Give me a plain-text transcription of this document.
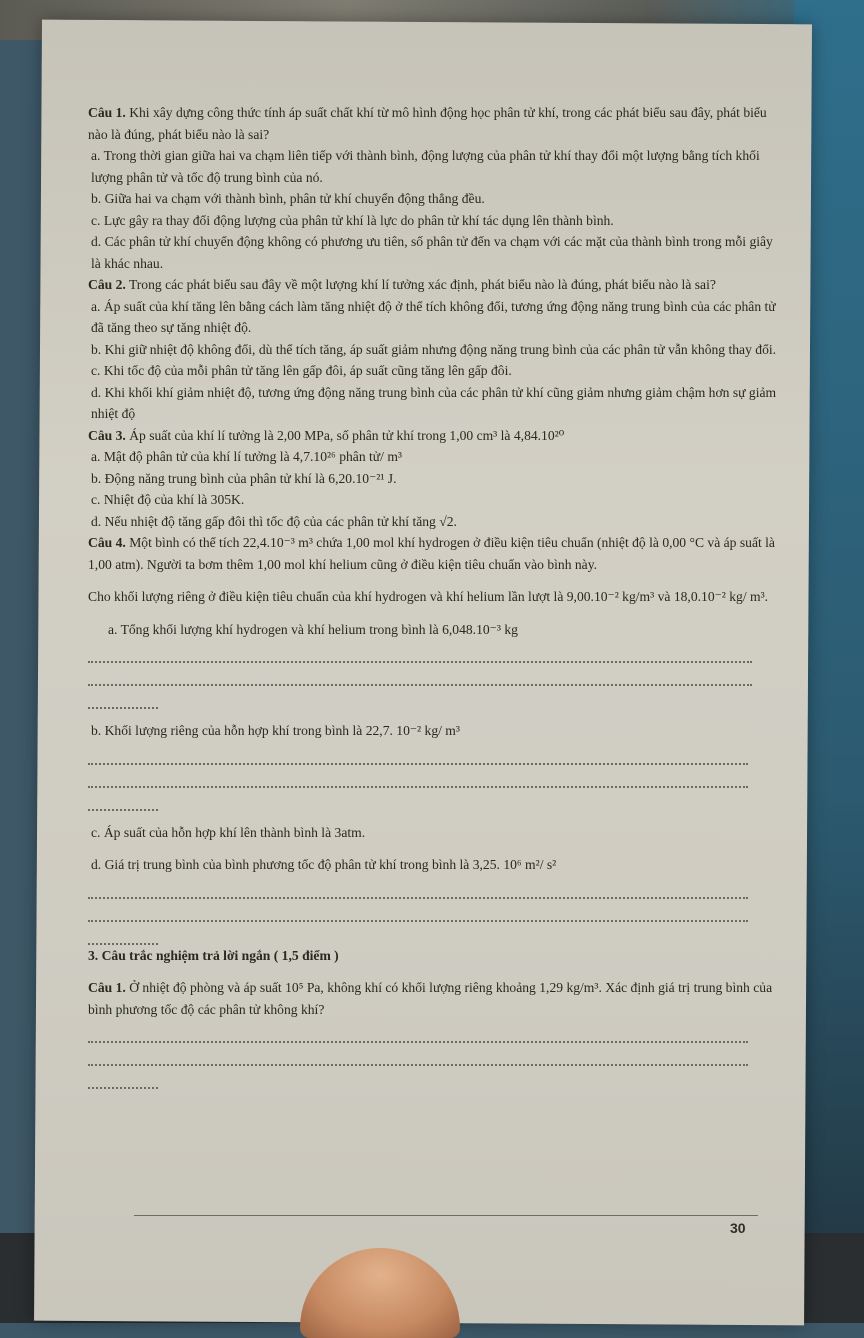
Câu 1. Khi xây dựng công thức tính áp suất chất khí từ mô hình động học phân tử khí, trong các phát biểu sau đây, phát biểu nào là đúng, phát biểu nào là sai?

a. Trong thời gian giữa hai va chạm liên tiếp với thành bình, động lượng của phân tử khí thay đổi một lượng bằng tích khối lượng phân tử và tốc độ trung bình của nó.

b. Giữa hai va chạm với thành bình, phân tử khí chuyển động thẳng đều.

c. Lực gây ra thay đổi động lượng của phân tử khí là lực do phân tử khí tác dụng lên thành bình.

d. Các phân tử khí chuyển động không có phương ưu tiên, số phân tử đến va chạm với các mặt của thành bình trong mỗi giây là khác nhau.

Câu 2. Trong các phát biểu sau đây về một lượng khí lí tưởng xác định, phát biểu nào là đúng, phát biểu nào là sai?

a. Áp suất của khí tăng lên bằng cách làm tăng nhiệt độ ở thể tích không đổi, tương ứng động năng trung bình của các phân tử đã tăng theo sự tăng nhiệt độ.

b. Khi giữ nhiệt độ không đổi, dù thể tích tăng, áp suất giảm nhưng động năng trung bình của các phân tử vẫn không thay đổi.

c. Khi tốc độ của mỗi phân tử tăng lên gấp đôi, áp suất cũng tăng lên gấp đôi.

d. Khi khối khí giảm nhiệt độ, tương ứng động năng trung bình của các phân tử khí cũng giảm nhưng giảm chậm hơn sự giảm nhiệt độ

Câu 3. Áp suất của khí lí tưởng là 2,00 MPa, số phân tử khí trong 1,00 cm³ là 4,84.10²⁰

a. Mật độ phân tử của khí lí tưởng là 4,7.10²⁶ phân tử/ m³

b. Động năng trung bình của phân tử khí là 6,20.10⁻²¹ J.

c. Nhiệt độ của khí là 305K.

d. Nếu nhiệt độ tăng gấp đôi thì tốc độ của các phân tử khí tăng √2.

Câu 4. Một bình có thể tích 22,4.10⁻³ m³ chứa 1,00 mol khí hydrogen ở điều kiện tiêu chuẩn (nhiệt độ là 0,00 °C và áp suất là 1,00 atm). Người ta bơm thêm 1,00 mol khí helium cũng ở điều kiện tiêu chuẩn vào bình này.

Cho khối lượng riêng ở điều kiện tiêu chuẩn của khí hydrogen và khí helium lần lượt là 9,00.10⁻² kg/m³ và 18,0.10⁻² kg/ m³.

a. Tổng khối lượng khí hydrogen và khí helium trong bình là 6,048.10⁻³ kg

b. Khối lượng riêng của hỗn hợp khí trong bình là 22,7. 10⁻² kg/ m³

c. Áp suất của hỗn hợp khí lên thành bình là 3atm.

d. Giá trị trung bình của bình phương tốc độ phân tử khí trong bình là 3,25. 10⁶ m²/ s²

3. Câu trắc nghiệm trả lời ngắn ( 1,5 điểm )

Câu 1. Ở nhiệt độ phòng và áp suất 10⁵ Pa, không khí có khối lượng riêng khoảng 1,29 kg/m³. Xác định giá trị trung bình của bình phương tốc độ các phân tử không khí?

30
